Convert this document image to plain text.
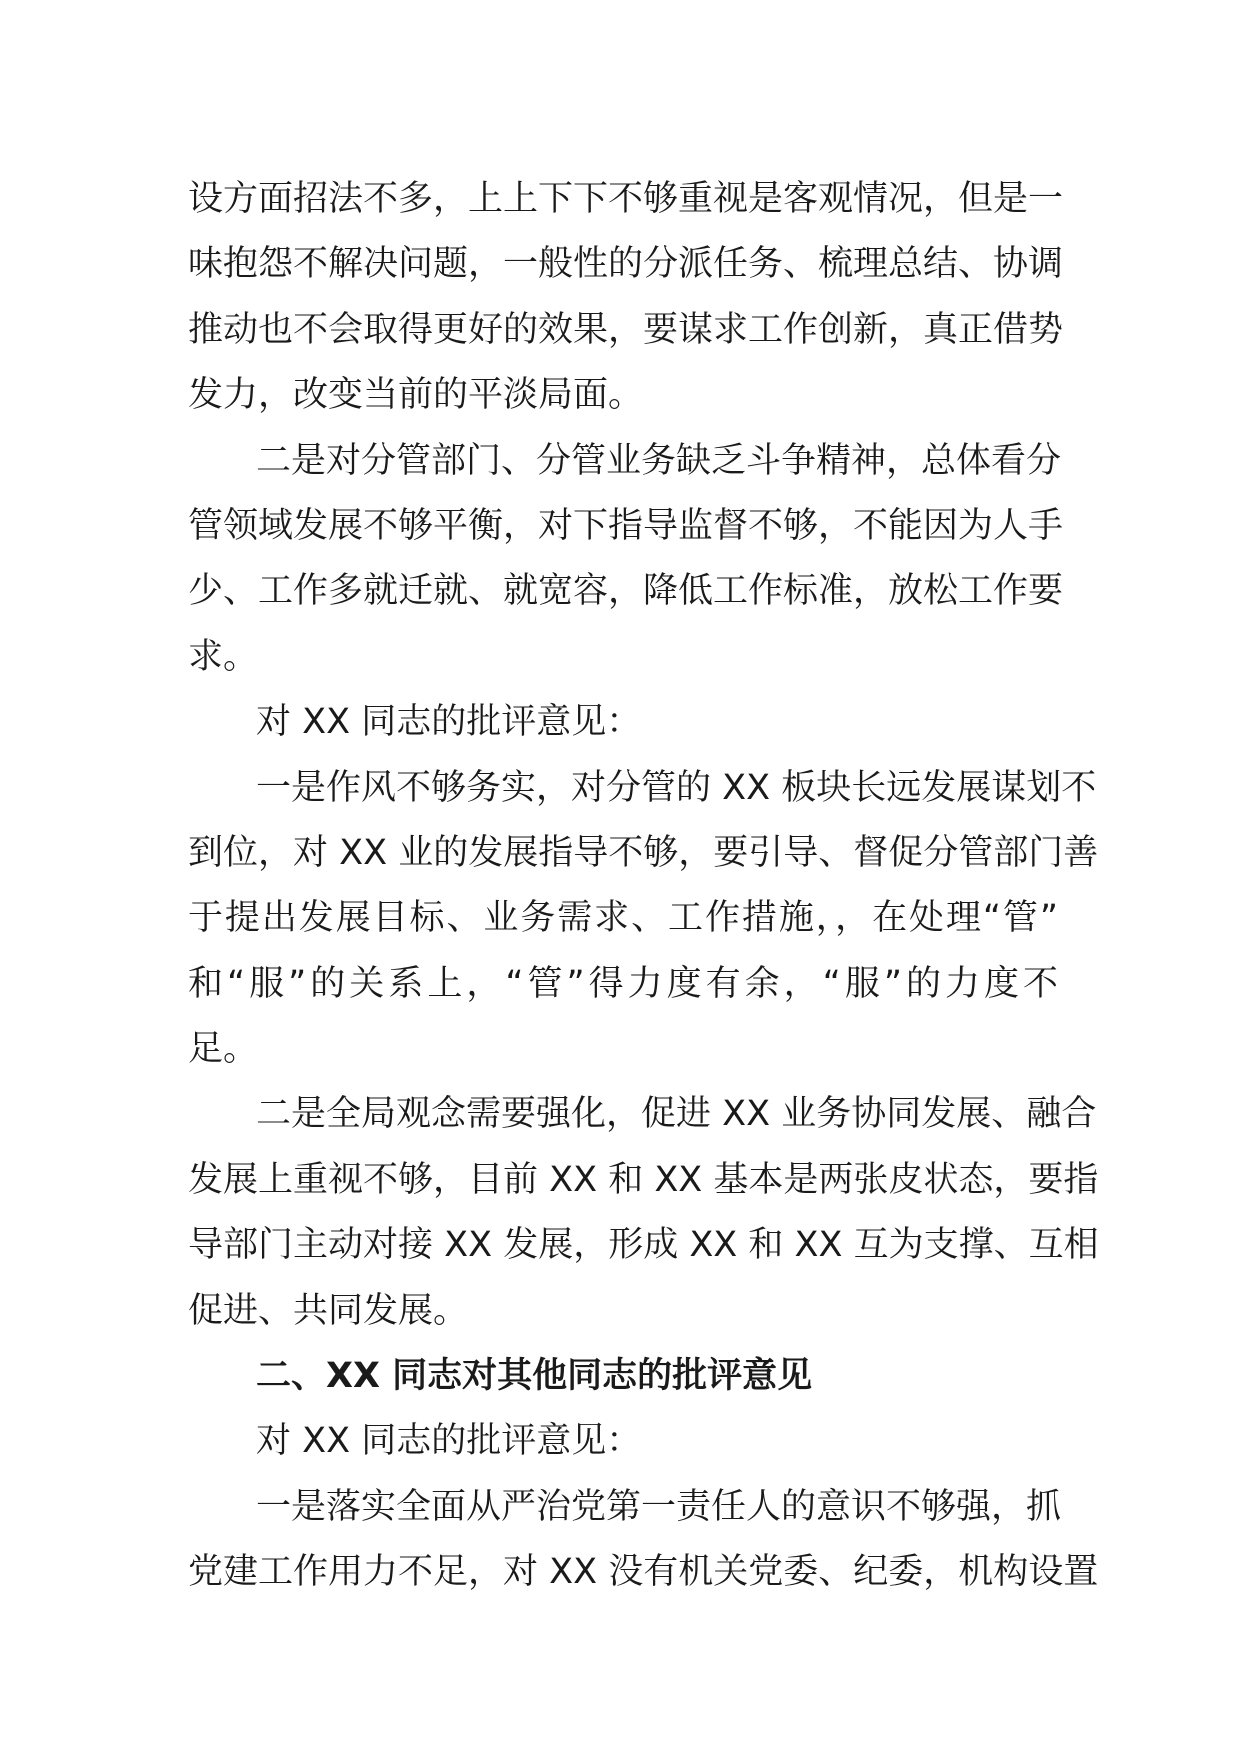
设方面招法不多，上上下下不够重视是客观情况，但是一
味抱怨不解决问题，一般性的分派任务、梳理总结、协调
推动也不会取得更好的效果，要谋求工作创新，真正借势
发力，改变当前的平淡局面。
二是对分管部门、分管业务缺乏斗争精神，总体看分
管领域发展不够平衡，对下指导监督不够，不能因为人手
少、工作多就迁就、就宽容，降低工作标准，放松工作要
求。
对 XX 同志的批评意见：
一是作风不够务实，对分管的 XX 板块长远发展谋划不
到位，对 XX 业的发展指导不够，要引导、督促分管部门善
于提出发展目标、业务需求、工作措施，，在处理“管”
和“服”的关系上，“管”得力度有余，“服”的力度不
足。
二是全局观念需要强化，促进 XX 业务协同发展、融合
发展上重视不够，目前 XX 和 XX 基本是两张皮状态，要指
导部门主动对接 XX 发展，形成 XX 和 XX 互为支撑、互相
促进、共同发展。
二、XX 同志对其他同志的批评意见
对 XX 同志的批评意见：
一是落实全面从严治党第一责任人的意识不够强，抓
党建工作用力不足，对 XX 没有机关党委、纪委，机构设置
